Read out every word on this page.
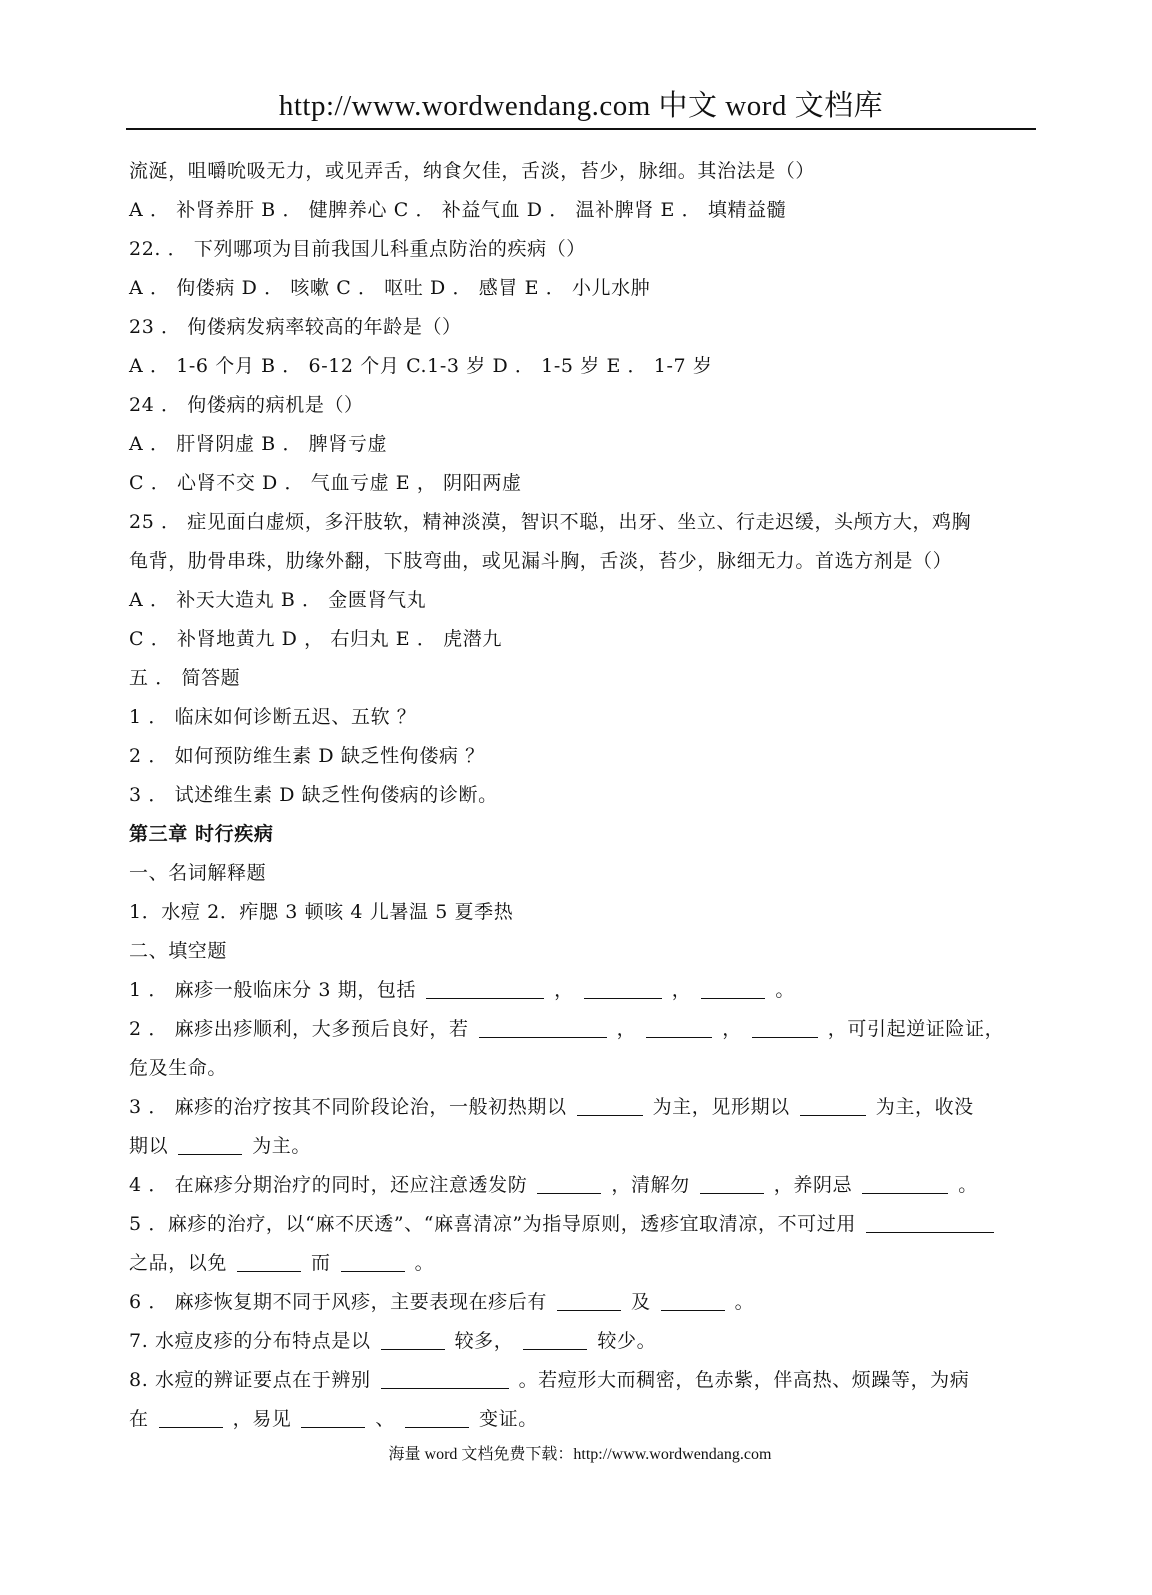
http://www.wordwendang.com 中文 word 文档库
流涎，咀嚼吮吸无力，或见弄舌，纳食欠佳，舌淡，苔少，脉细。其治法是（）
A ． 补肾养肝 B ． 健脾养心 C ． 补益气血 D ． 温补脾肾 E ． 填精益髓
22. ． 下列哪项为目前我国儿科重点防治的疾病（）
A ． 佝偻病 D ． 咳嗽 C ． 呕吐 D ． 感冒 E ． 小儿水肿
23 ． 佝偻病发病率较高的年龄是（）
A ． 1-6 个月 B ． 6-12 个月 C.1-3 岁 D ． 1-5 岁 E ． 1-7 岁
24 ． 佝偻病的病机是（）
A ． 肝肾阴虚 B ． 脾肾亏虚
C ． 心肾不交 D ． 气血亏虚 E ， 阴阳两虚
25 ． 症见面白虚烦，多汗肢软，精神淡漠，智识不聪，出牙、坐立、行走迟缓，头颅方大，鸡胸
龟背，肋骨串珠，肋缘外翻，下肢弯曲，或见漏斗胸，舌淡，苔少，脉细无力。首选方剂是（）
A ． 补天大造丸 B ． 金匮肾气丸
C ． 补肾地黄九 D ， 右归丸 E ． 虎潜九
五 ． 简答题
1 ． 临床如何诊断五迟、五软 ？
2 ． 如何预防维生素 D 缺乏性佝偻病 ？
3 ． 试述维生素 D 缺乏性佝偻病的诊断。
第三章 时行疾病
一、名词解释题
1．水痘 2．痄腮 3 顿咳 4 儿暑温 5 夏季热
二、填空题
1 ． 麻疹一般临床分 3 期，包括	，	，	。
2 ． 麻疹出疹顺利，大多预后良好，若	，	，	，可引起逆证险证，
危及生命。
3 ． 麻疹的治疗按其不同阶段论治，一般初热期以	为主，见形期以	为主，收没
期以	为主。
4 ． 在麻疹分期治疗的同时，还应注意透发防	，清解勿	，养阴忌	。
5 ．麻疹的治疗，以“麻不厌透”、“麻喜清凉”为指导原则，透疹宜取清凉，不可过用
之品，以免	而	。
6 ． 麻疹恢复期不同于风疹，主要表现在疹后有	及	。
7. 水痘皮疹的分布特点是以	较多，	较少。
8. 水痘的辨证要点在于辨别	。若痘形大而稠密，色赤紫，伴高热、烦躁等，为病
在	，易见	、	变证。
海量 word 文档免费下载：http://www.wordwendang.com
